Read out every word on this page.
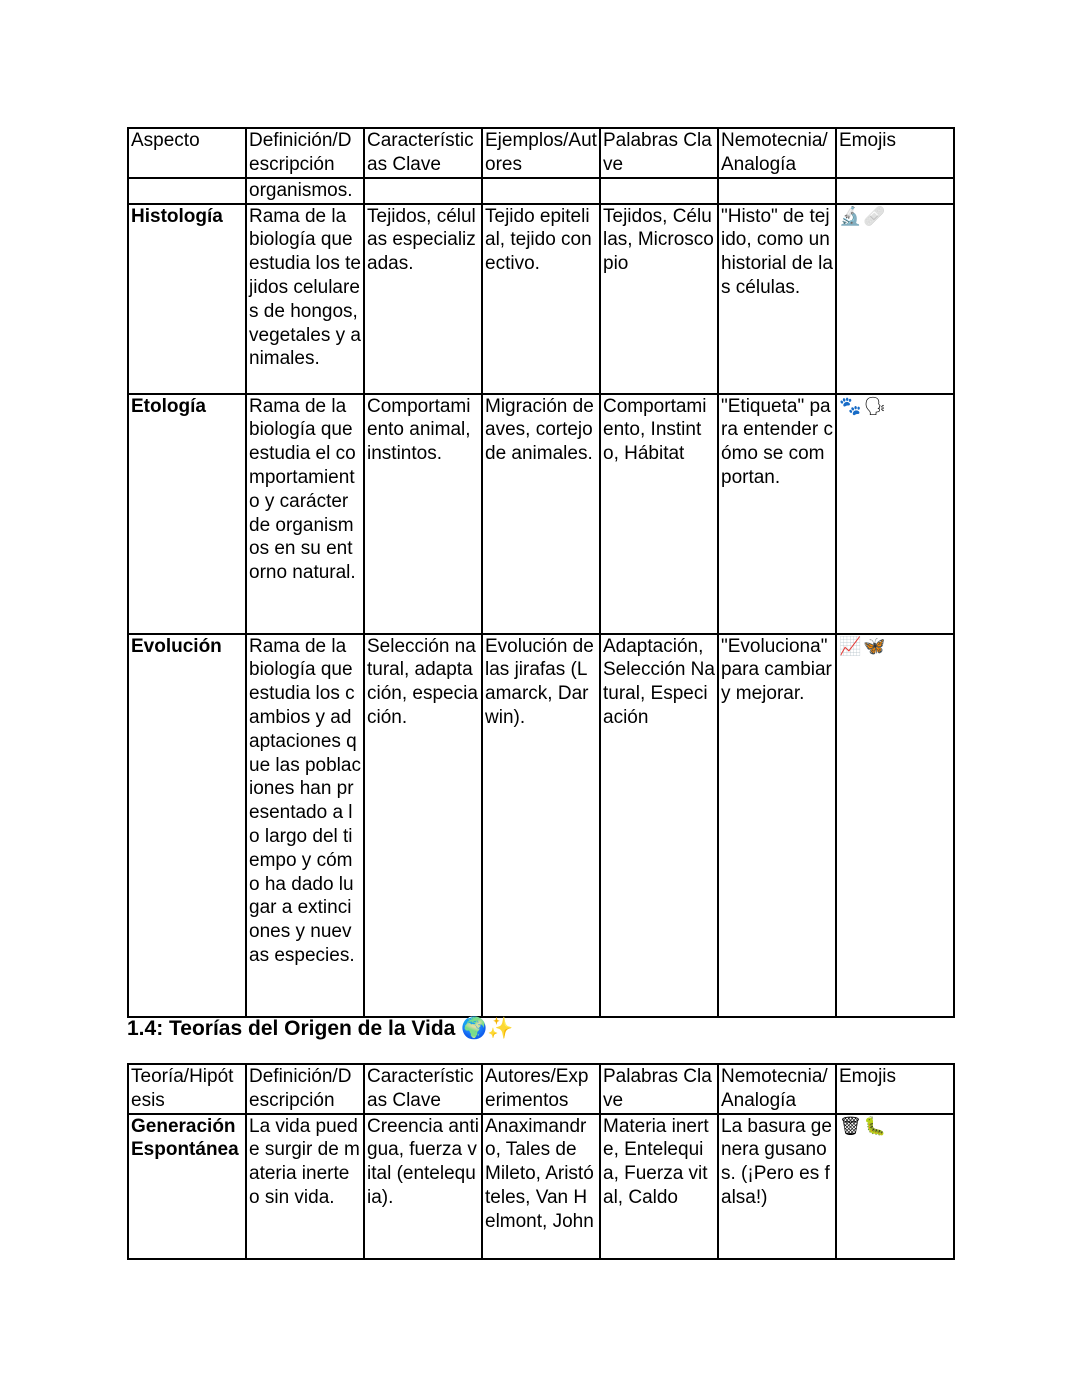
Aspecto	Definición/Descripción	Características Clave	Ejemplos/Autores	Palabras Clave	Nemotecnia/Analogía	Emojis
	organismos.					
Histología	Rama de la biología que estudia los tejidos celulares de hongos, vegetales y animales.	Tejidos, células especializadas.	Tejido epitelial, tejido conectivo.	Tejidos, Células, Microscopio	"Histo" de tejido, como un historial de las células.	🔬🩹
Etología	Rama de la biología que estudia el comportamiento y carácter de organismos en su entorno natural.	Comportamiento animal, instintos.	Migración de aves, cortejo de animales.	Comportamiento, Instinto, Hábitat	"Etiqueta" para entender cómo se comportan.	🐾🗣
Evolución	Rama de la biología que estudia los cambios y adaptaciones que las poblaciones han presentado a lo largo del tiempo y cómo ha dado lugar a extinciones y nuevas especies.	Selección natural, adaptación, especiación.	Evolución de las jirafas (Lamarck, Darwin).	Adaptación, Selección Natural, Especiación	"Evoluciona" para cambiar y mejorar.	📈🦋
1.4: Teorías del Origen de la Vida 🌍✨
Teoría/Hipótesis	Definición/Descripción	Características Clave	Autores/Experimentos	Palabras Clave	Nemotecnia/Analogía	Emojis
Generación Espontánea	La vida puede surgir de materia inerte o sin vida.	Creencia antigua, fuerza vital (entelequia).	Anaximandro, Tales de Mileto, Aristóteles, Van Helmont, John	Materia inerte, Entelequia, Fuerza vital, Caldo	La basura genera gusanos. (¡Pero es falsa!)	🗑🐛
